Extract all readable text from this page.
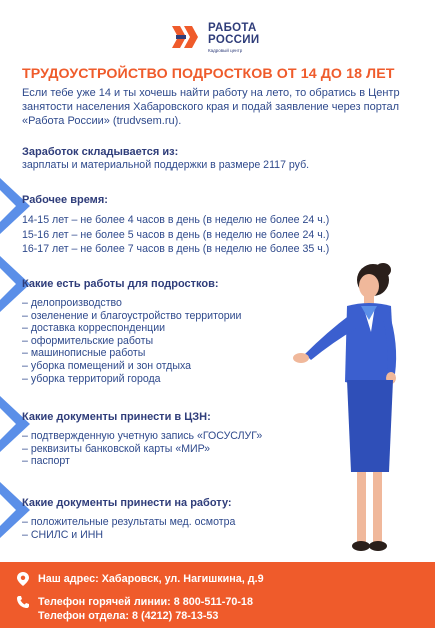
РАБОТА
РОССИИ
Кадровый центр
ТРУДОУСТРОЙСТВО ПОДРОСТКОВ ОТ 14 ДО 18 ЛЕТ
Если тебе уже 14 и ты хочешь найти работу на лето, то обратись в Центр занятости населения Хабаровского края и подай заявление через портал «Работа России» (trudvsem.ru).
Заработок складывается из:
зарплаты и материальной поддержки в размере 2117 руб.
Рабочее время:
14-15 лет – не более 4 часов в день (в неделю не более 24 ч.)
15-16 лет – не более 5 часов в день (в неделю не более 24 ч.)
16-17 лет – не более 7 часов в день (в неделю не более 35 ч.)
Какие есть работы для подростков:
– делопроизводство
– озеленение и благоустройство территории
– доставка корреспонденции
– оформительские работы
– машинописные работы
– уборка помещений и зон отдыха
– уборка территорий города
Какие документы принести в ЦЗН:
– подтвержденную учетную запись «ГОСУСЛУГ»
– реквизиты банковской карты «МИР»
– паспорт
Какие документы принести на работу:
– положительные результаты мед. осмотра
– СНИЛС и ИНН
Наш адрес: Хабаровск, ул. Нагишкина, д.9
Телефон горячей линии: 8 800-511-70-18
Телефон отдела: 8 (4212) 78-13-53
